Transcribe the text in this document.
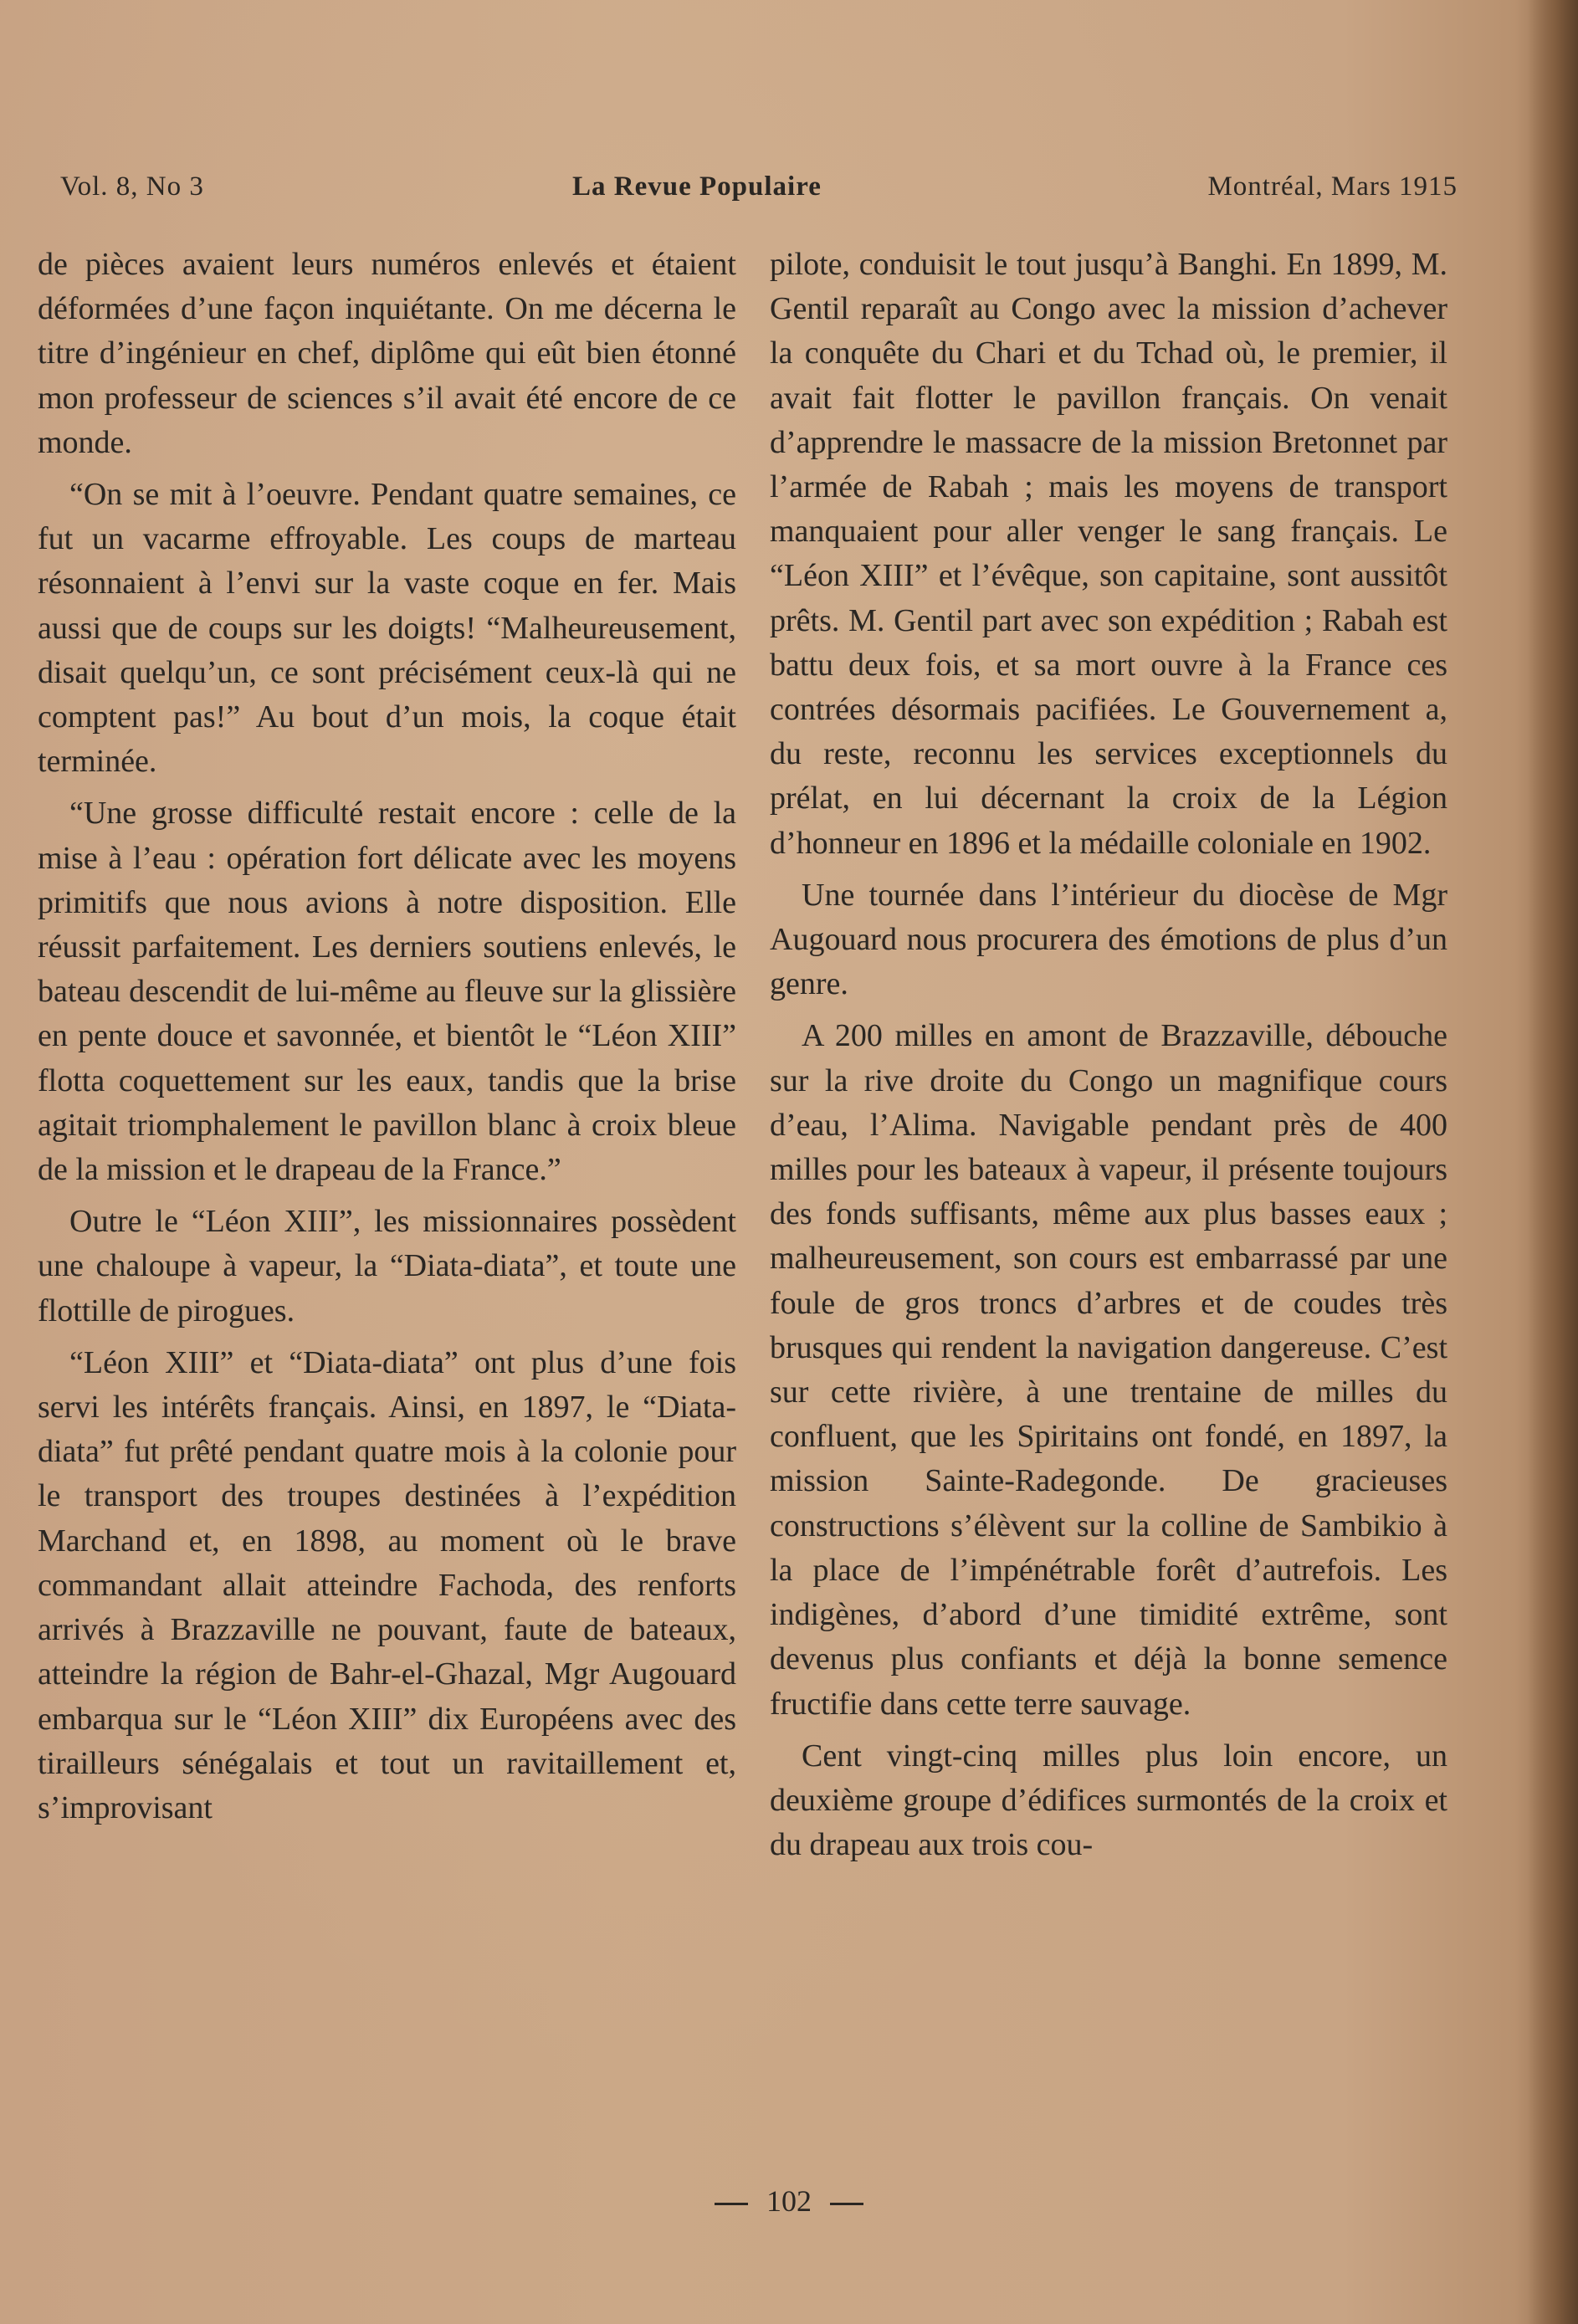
Vol. 8, No 3	La Revue Populaire	Montréal, Mars 1915

de pièces avaient leurs numéros enlevés et étaient déformées d’une façon inquiétante. On me décerna le titre d’ingénieur en chef, diplôme qui eût bien étonné mon professeur de sciences s’il avait été encore de ce monde.

“On se mit à l’oeuvre. Pendant quatre semaines, ce fut un vacarme effroyable. Les coups de marteau résonnaient à l’envi sur la vaste coque en fer. Mais aussi que de coups sur les doigts! “Malheureusement, disait quelqu’un, ce sont précisément ceux-là qui ne comptent pas!” Au bout d’un mois, la coque était terminée.

“Une grosse difficulté restait encore : celle de la mise à l’eau : opération fort délicate avec les moyens primitifs que nous avions à notre disposition. Elle réussit parfaitement. Les derniers soutiens enlevés, le bateau descendit de lui-même au fleuve sur la glissière en pente douce et savonnée, et bientôt le “Léon XIII” flotta coquettement sur les eaux, tandis que la brise agitait triomphalement le pavillon blanc à croix bleue de la mission et le drapeau de la France.”

Outre le “Léon XIII”, les missionnaires possèdent une chaloupe à vapeur, la “Diata-diata”, et toute une flottille de pirogues.

“Léon XIII” et “Diata-diata” ont plus d’une fois servi les intérêts français. Ainsi, en 1897, le “Diata-diata” fut prêté pendant quatre mois à la colonie pour le transport des troupes destinées à l’expédition Marchand et, en 1898, au moment où le brave commandant allait atteindre Fachoda, des renforts arrivés à Brazzaville ne pouvant, faute de bateaux, atteindre la région de Bahr-el-Ghazal, Mgr Augouard embarqua sur le “Léon XIII” dix Européens avec des tirailleurs sénégalais et tout un ravitaillement et, s’improvisant

pilote, conduisit le tout jusqu’à Banghi. En 1899, M. Gentil reparaît au Congo avec la mission d’achever la conquête du Chari et du Tchad où, le premier, il avait fait flotter le pavillon français. On venait d’apprendre le massacre de la mission Bretonnet par l’armée de Rabah ; mais les moyens de transport manquaient pour aller venger le sang français. Le “Léon XIII” et l’évêque, son capitaine, sont aussitôt prêts. M. Gentil part avec son expédition ; Rabah est battu deux fois, et sa mort ouvre à la France ces contrées désormais pacifiées. Le Gouvernement a, du reste, reconnu les services exceptionnels du prélat, en lui décernant la croix de la Légion d’honneur en 1896 et la médaille coloniale en 1902.

Une tournée dans l’intérieur du diocèse de Mgr Augouard nous procurera des émotions de plus d’un genre.

A 200 milles en amont de Brazzaville, débouche sur la rive droite du Congo un magnifique cours d’eau, l’Alima. Navigable pendant près de 400 milles pour les bateaux à vapeur, il présente toujours des fonds suffisants, même aux plus basses eaux ; malheureusement, son cours est embarrassé par une foule de gros troncs d’arbres et de coudes très brusques qui rendent la navigation dangereuse. C’est sur cette rivière, à une trentaine de milles du confluent, que les Spiritains ont fondé, en 1897, la mission Sainte-Radegonde. De gracieuses constructions s’élèvent sur la colline de Sambikio à la place de l’impénétrable forêt d’autrefois. Les indigènes, d’abord d’une timidité extrême, sont devenus plus confiants et déjà la bonne semence fructifie dans cette terre sauvage.

Cent vingt-cinq milles plus loin encore, un deuxième groupe d’édifices surmontés de la croix et du drapeau aux trois cou-

102
